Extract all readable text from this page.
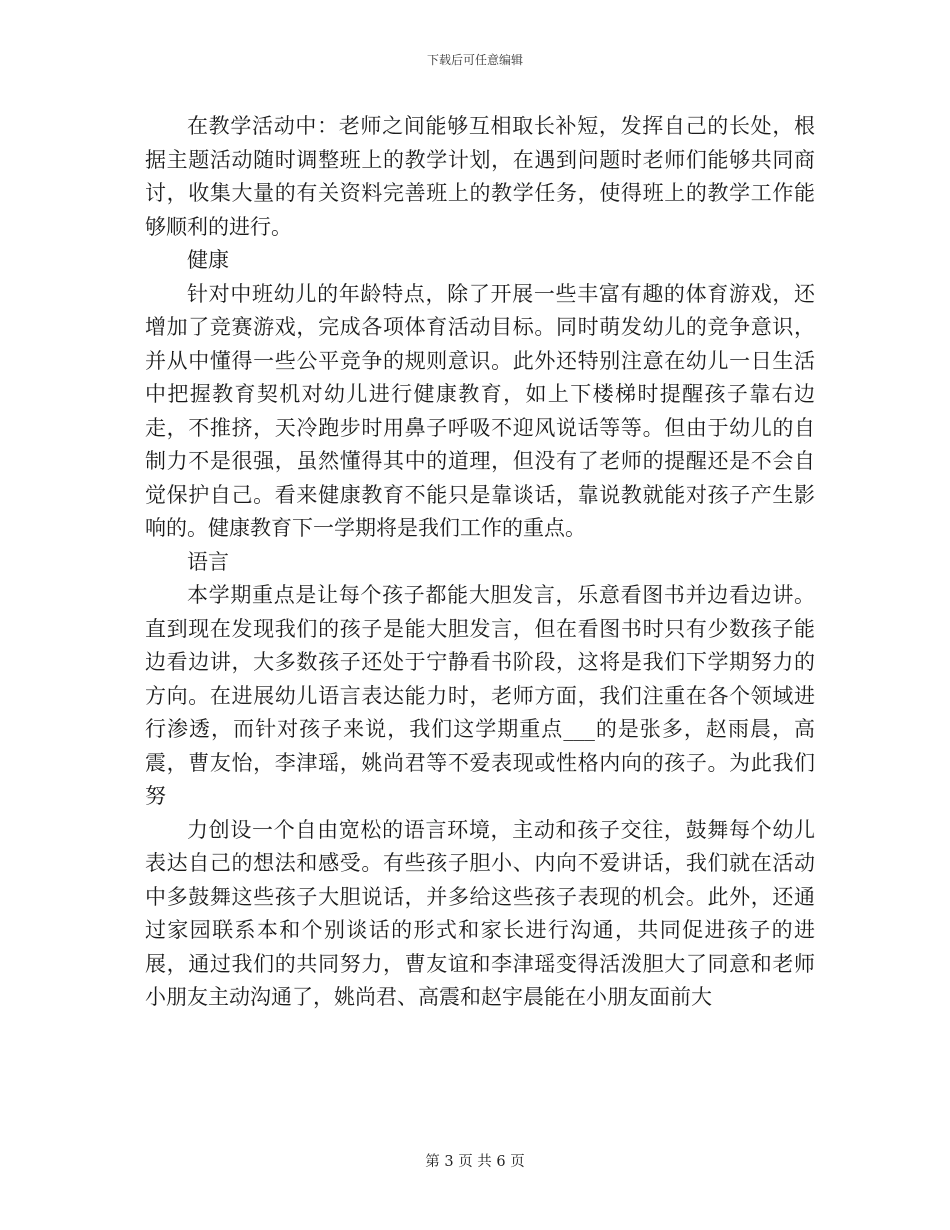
下载后可任意编辑

在教学活动中：老师之间能够互相取长补短，发挥自己的长处，根据主题活动随时调整班上的教学计划，在遇到问题时老师们能够共同商讨，收集大量的有关资料完善班上的教学任务，使得班上的教学工作能够顺利的进行。

健康

针对中班幼儿的年龄特点，除了开展一些丰富有趣的体育游戏，还增加了竞赛游戏，完成各项体育活动目标。同时萌发幼儿的竞争意识，并从中懂得一些公平竞争的规则意识。此外还特别注意在幼儿一日生活中把握教育契机对幼儿进行健康教育，如上下楼梯时提醒孩子靠右边走，不推挤，天冷跑步时用鼻子呼吸不迎风说话等等。但由于幼儿的自制力不是很强，虽然懂得其中的道理，但没有了老师的提醒还是不会自觉保护自己。看来健康教育不能只是靠谈话，靠说教就能对孩子产生影响的。健康教育下一学期将是我们工作的重点。

语言

本学期重点是让每个孩子都能大胆发言，乐意看图书并边看边讲。直到现在发现我们的孩子是能大胆发言，但在看图书时只有少数孩子能边看边讲，大多数孩子还处于宁静看书阶段，这将是我们下学期努力的方向。在进展幼儿语言表达能力时，老师方面，我们注重在各个领域进行渗透，而针对孩子来说，我们这学期重点___的是张多，赵雨晨，高震，曹友怡，李津瑶，姚尚君等不爱表现或性格内向的孩子。为此我们努

力创设一个自由宽松的语言环境，主动和孩子交往，鼓舞每个幼儿表达自己的想法和感受。有些孩子胆小、内向不爱讲话，我们就在活动中多鼓舞这些孩子大胆说话，并多给这些孩子表现的机会。此外，还通过家园联系本和个别谈话的形式和家长进行沟通，共同促进孩子的进展，通过我们的共同努力，曹友谊和李津瑶变得活泼胆大了同意和老师小朋友主动沟通了，姚尚君、高震和赵宇晨能在小朋友面前大

第 3 页 共 6 页
